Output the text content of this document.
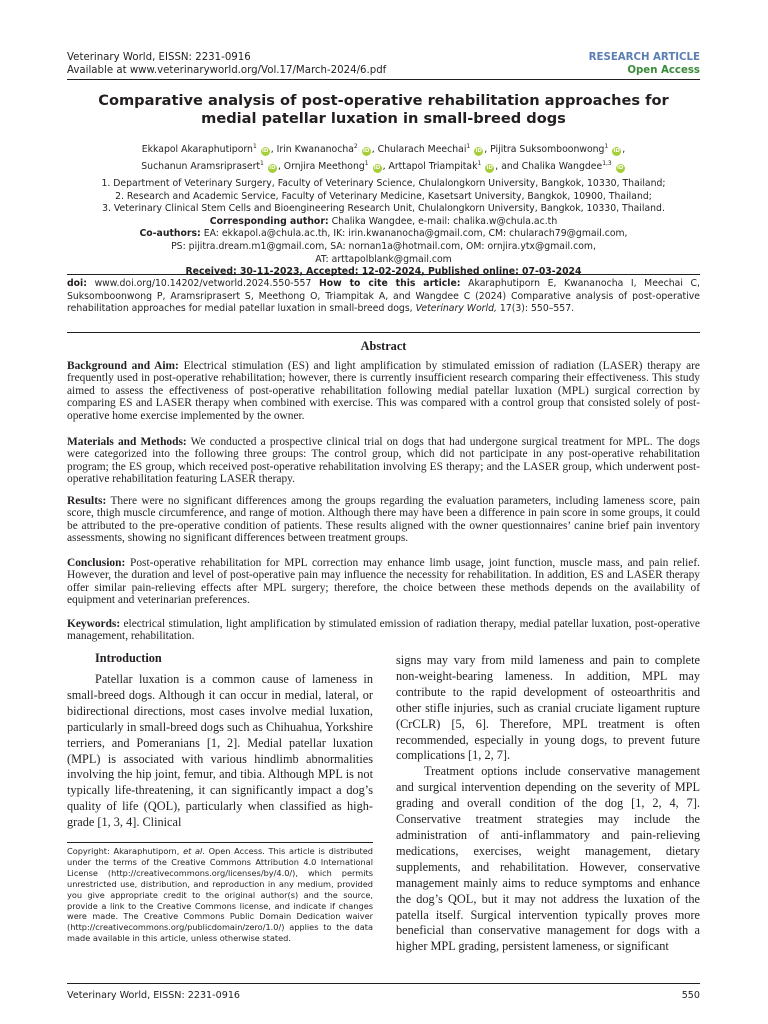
Veterinary World, EISSN: 2231-0916
Available at www.veterinaryworld.org/Vol.17/March-2024/6.pdf
RESEARCH ARTICLE
Open Access
Comparative analysis of post-operative rehabilitation approaches for
medial patellar luxation in small-breed dogs
Ekkapol Akaraphutiporn$^1$ iD , Irin Kwananocha$^2$ iD , Chularach Meechai$^1$ iD , Pijitra Suksomboonwong$^1$ iD ,
Suchanun Aramsriprasert$^1$ iD , Ornjira Meethong$^1$ iD , Arttapol Triampitak$^1$ iD , and Chalika Wangdee$^{1,3}$ iD
1. Department of Veterinary Surgery, Faculty of Veterinary Science, Chulalongkorn University, Bangkok, 10330, Thailand;
2. Research and Academic Service, Faculty of Veterinary Medicine, Kasetsart University, Bangkok, 10900, Thailand;
3. Veterinary Clinical Stem Cells and Bioengineering Research Unit, Chulalongkorn University, Bangkok, 10330, Thailand.
Corresponding author: Chalika Wangdee, e-mail: chalika.w@chula.ac.th
Co-authors: EA: ekkapol.a@chula.ac.th, IK: irin.kwananocha@gmail.com, CM: chularach79@gmail.com,
PS: pijitra.dream.m1@gmail.com, SA: nornan1a@hotmail.com, OM: ornjira.ytx@gmail.com,
AT: arttapolblank@gmail.com
Received: 30-11-2023, Accepted: 12-02-2024, Published online: 07-03-2024
doi: www.doi.org/10.14202/vetworld.2024.550-557 How to cite this article: Akaraphutiporn E, Kwananocha I, Meechai C, Suksomboonwong P, Aramsriprasert S, Meethong O, Triampitak A, and Wangdee C (2024) Comparative analysis of post-operative rehabilitation approaches for medial patellar luxation in small-breed dogs, Veterinary World, 17(3): 550–557.
Abstract
Background and Aim: Electrical stimulation (ES) and light amplification by stimulated emission of radiation (LASER) therapy are frequently used in post-operative rehabilitation; however, there is currently insufficient research comparing their effectiveness. This study aimed to assess the effectiveness of post-operative rehabilitation following medial patellar luxation (MPL) surgical correction by comparing ES and LASER therapy when combined with exercise. This was compared with a control group that consisted solely of post-operative home exercise implemented by the owner.
Materials and Methods: We conducted a prospective clinical trial on dogs that had undergone surgical treatment for MPL. The dogs were categorized into the following three groups: The control group, which did not participate in any post-operative rehabilitation program; the ES group, which received post-operative rehabilitation involving ES therapy; and the LASER group, which underwent post-operative rehabilitation featuring LASER therapy.
Results: There were no significant differences among the groups regarding the evaluation parameters, including lameness score, pain score, thigh muscle circumference, and range of motion. Although there may have been a difference in pain score in some groups, it could be attributed to the pre-operative condition of patients. These results aligned with the owner questionnaires’ canine brief pain inventory assessments, showing no significant differences between treatment groups.
Conclusion: Post-operative rehabilitation for MPL correction may enhance limb usage, joint function, muscle mass, and pain relief. However, the duration and level of post-operative pain may influence the necessity for rehabilitation. In addition, ES and LASER therapy offer similar pain-relieving effects after MPL surgery; therefore, the choice between these methods depends on the availability of equipment and veterinarian preferences.
Keywords: electrical stimulation, light amplification by stimulated emission of radiation therapy, medial patellar luxation, post-operative management, rehabilitation.
Introduction

Patellar luxation is a common cause of lameness in small-breed dogs. Although it can occur in medial, lateral, or bidirectional directions, most cases involve medial luxation, particularly in small-breed dogs such as Chihuahua, Yorkshire terriers, and Pomeranians [1, 2]. Medial patellar luxation (MPL) is associated with various hindlimb abnormalities involving the hip joint, femur, and tibia. Although MPL is not typically life-threatening, it can significantly impact a dog’s quality of life (QOL), particularly when classified as high-grade [1, 3, 4]. Clinical

signs may vary from mild lameness and pain to complete non-weight-bearing lameness. In addition, MPL may contribute to the rapid development of osteoarthritis and other stifle injuries, such as cranial cruciate ligament rupture (CrCLR) [5, 6]. Therefore, MPL treatment is often recommended, especially in young dogs, to prevent future complications [1, 2, 7].

Treatment options include conservative management and surgical intervention depending on the severity of MPL grading and overall condition of the dog [1, 2, 4, 7]. Conservative treatment strategies may include the administration of anti-inflammatory and pain-relieving medications, exercises, weight management, dietary supplements, and rehabilitation. However, conservative management mainly aims to reduce symptoms and enhance the dog’s QOL, but it may not address the luxation of the patella itself. Surgical intervention typically proves more beneficial than conservative management for dogs with a higher MPL grading, persistent lameness, or significant

Copyright: Akaraphutiporn, et al. Open Access. This article is distributed under the terms of the Creative Commons Attribution 4.0 International License (http://creativecommons.org/licenses/by/4.0/), which permits unrestricted use, distribution, and reproduction in any medium, provided you give appropriate credit to the original author(s) and the source, provide a link to the Creative Commons license, and indicate if changes were made. The Creative Commons Public Domain Dedication waiver (http://creativecommons.org/publicdomain/zero/1.0/) applies to the data made available in this article, unless otherwise stated.
Veterinary World, EISSN: 2231-0916	550
